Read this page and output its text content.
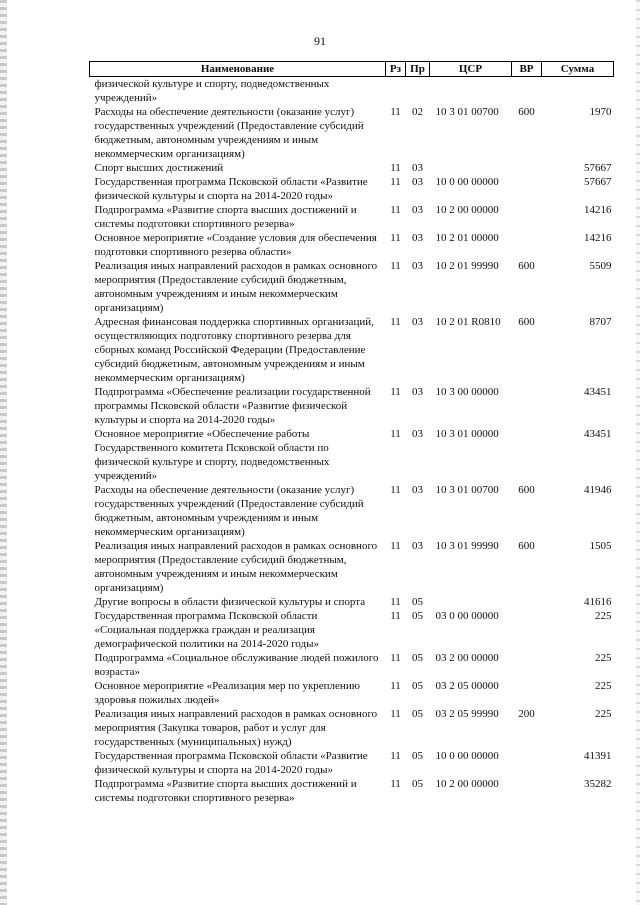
91
Наименование	Рз	Пр	ЦСР	ВР	Сумма
физической культуре и спорту, подведомственных учреждений»					
Расходы на обеспечение деятельности (оказание услуг) государственных учреждений (Предоставление субсидий бюджетным, автономным учреждениям и иным некоммерческим организациям)	11	02	10 3 01 00700	600	1970
Спорт высших достижений	11	03			57667
Государственная программа Псковской области «Развитие физической культуры и спорта на 2014-2020 годы»	11	03	10 0 00 00000		57667
Подпрограмма «Развитие спорта высших достижений и системы подготовки спортивного резерва»	11	03	10 2 00 00000		14216
Основное мероприятие «Создание условия для обеспечения подготовки спортивного резерва области»	11	03	10 2 01 00000		14216
Реализация иных направлений расходов в рамках основного мероприятия (Предоставление субсидий бюджетным, автономным учреждениям и иным некоммерческим организациям)	11	03	10 2 01 99990	600	5509
Адресная финансовая поддержка спортивных организаций, осуществляющих подготовку спортивного резерва для сборных команд Российской Федерации (Предоставление субсидий бюджетным, автономным учреждениям и иным некоммерческим организациям)	11	03	10 2 01 R0810	600	8707
Подпрограмма «Обеспечение реализации государственной программы Псковской области «Развитие физической культуры и спорта на 2014-2020 годы»	11	03	10 3 00 00000		43451
Основное мероприятие «Обеспечение работы Государственного комитета Псковской области по физической культуре и спорту, подведомственных учреждений»	11	03	10 3 01 00000		43451
Расходы на обеспечение деятельности (оказание услуг) государственных учреждений (Предоставление субсидий бюджетным, автономным учреждениям и иным некоммерческим организациям)	11	03	10 3 01 00700	600	41946
Реализация иных направлений расходов в рамках основного мероприятия (Предоставление субсидий бюджетным, автономным учреждениям и иным некоммерческим организациям)	11	03	10 3 01 99990	600	1505
Другие вопросы в области физической культуры и спорта	11	05			41616
Государственная программа Псковской области «Социальная поддержка граждан и реализация демографической политики на 2014-2020 годы»	11	05	03 0 00 00000		225
Подпрограмма «Социальное обслуживание людей пожилого возраста»	11	05	03 2 00 00000		225
Основное мероприятие «Реализация мер по укреплению здоровья пожилых людей»	11	05	03 2 05 00000		225
Реализация иных направлений расходов в рамках основного мероприятия (Закупка товаров, работ и услуг для государственных (муниципальных) нужд)	11	05	03 2 05 99990	200	225
Государственная программа Псковской области «Развитие физической культуры и спорта на 2014-2020 годы»	11	05	10 0 00 00000		41391
Подпрограмма «Развитие спорта высших достижений и системы подготовки спортивного резерва»	11	05	10 2 00 00000		35282
